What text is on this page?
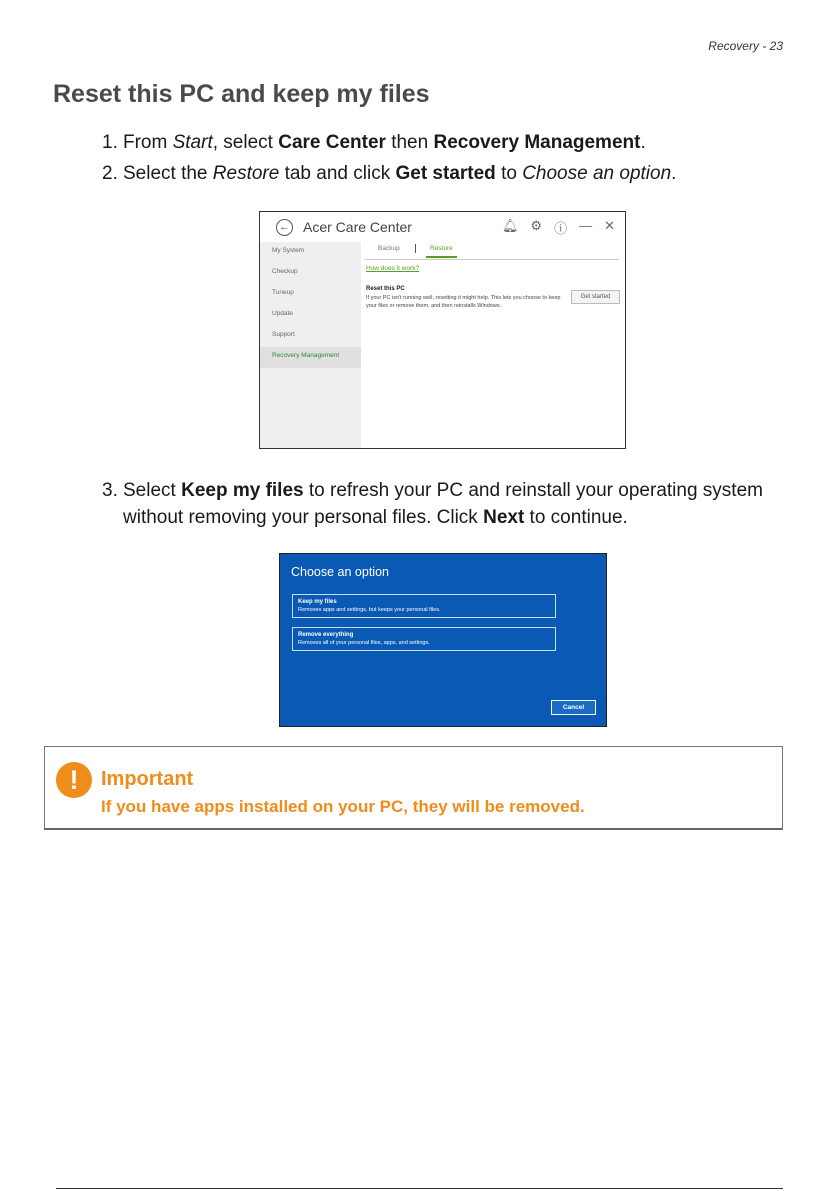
Recovery - 23
Reset this PC and keep my files
1. From Start, select Care Center then Recovery Management.
2. Select the Restore tab and click Get started to Choose an option.
← Acer Care Center	🔔︎ ⚙ ⓘ — ✕
My System
Checkup
Tuneup
Update
Support
Recovery Management
Backup	Restore
How does it work?
Reset this PC
If your PC isn't running well, resetting it might help. This lets you choose to keep your files or remove them, and then reinstalls Windows.
Get started
3. Select Keep my files to refresh your PC and reinstall your operating system without removing your personal files. Click Next to continue.
Choose an option
Keep my files
Removes apps and settings, but keeps your personal files.
Remove everything
Removes all of your personal files, apps, and settings.
Cancel
!	Important
If you have apps installed on your PC, they will be removed.
